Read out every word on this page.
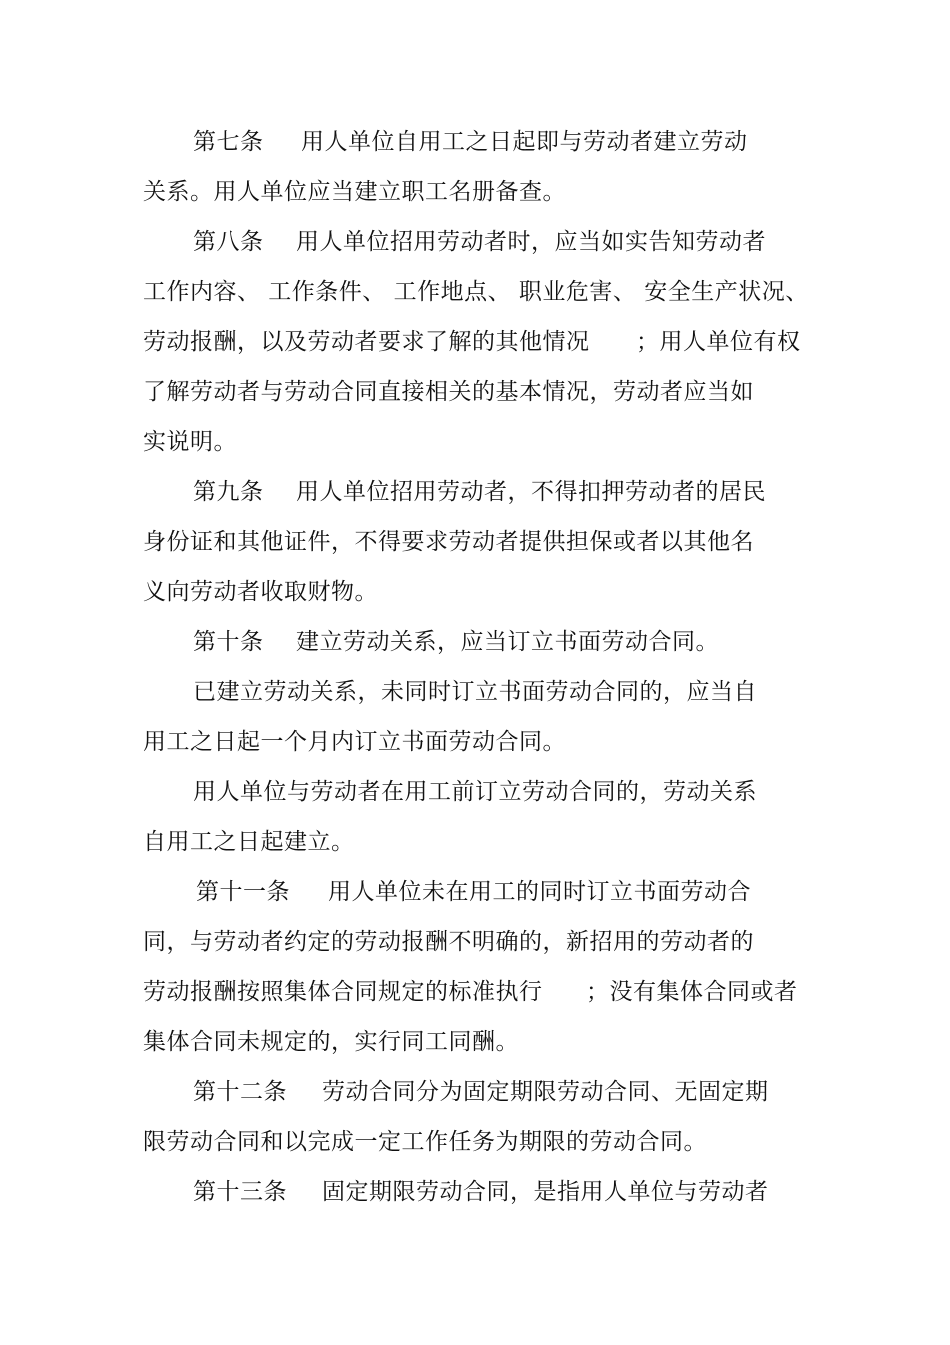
第七条 用人单位自用工之日起即与劳动者建立劳动
关系。用人单位应当建立职工名册备查。
第八条 用人单位招用劳动者时，应当如实告知劳动者
工作内容、 工作条件、 工作地点、 职业危害、 安全生产状况、
劳动报酬，以及劳动者要求了解的其他情况 ；用人单位有权
了解劳动者与劳动合同直接相关的基本情况，劳动者应当如
实说明。
第九条 用人单位招用劳动者，不得扣押劳动者的居民
身份证和其他证件，不得要求劳动者提供担保或者以其他名
义向劳动者收取财物。
第十条 建立劳动关系，应当订立书面劳动合同。
已建立劳动关系，未同时订立书面劳动合同的，应当自
用工之日起一个月内订立书面劳动合同。
用人单位与劳动者在用工前订立劳动合同的，劳动关系
自用工之日起建立。
第十一条 用人单位未在用工的同时订立书面劳动合
同，与劳动者约定的劳动报酬不明确的，新招用的劳动者的
劳动报酬按照集体合同规定的标准执行 ；没有集体合同或者
集体合同未规定的，实行同工同酬。
第十二条 劳动合同分为固定期限劳动合同、无固定期
限劳动合同和以完成一定工作任务为期限的劳动合同。
第十三条 固定期限劳动合同，是指用人单位与劳动者
